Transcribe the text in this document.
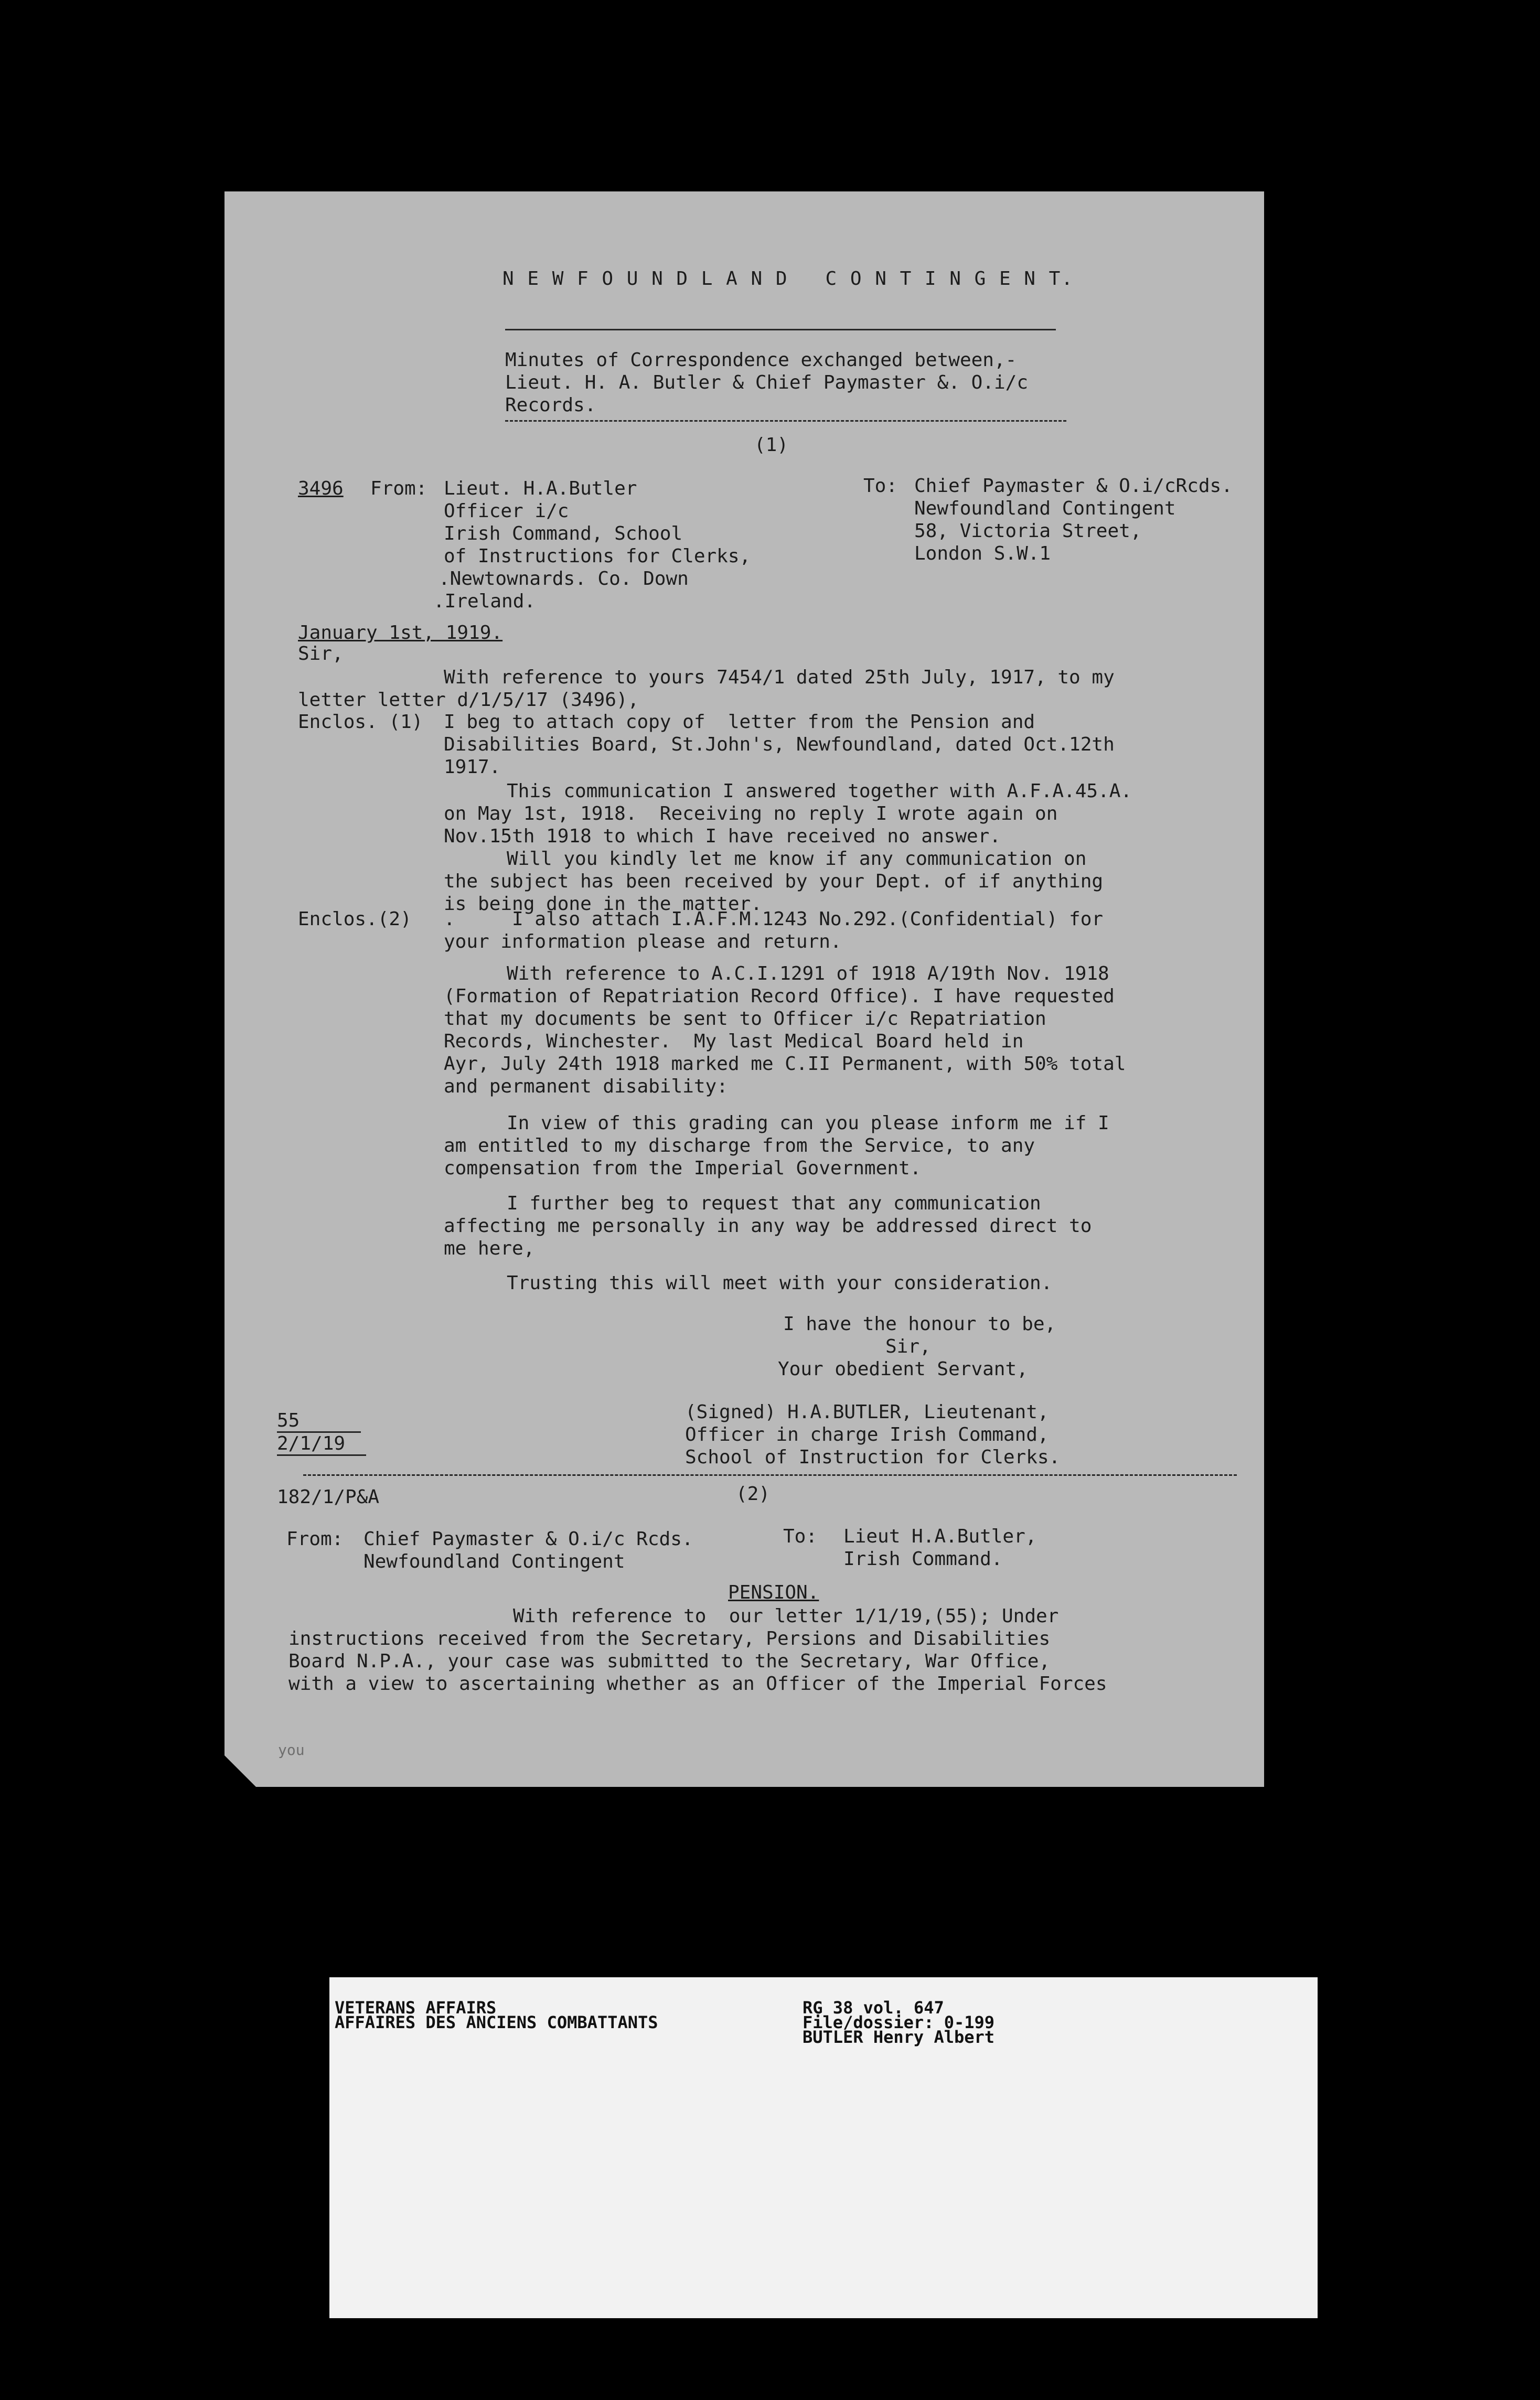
N E W F O U N D L A N D   C O N T I N G E N T.
Minutes of Correspondence exchanged between,-
Lieut. H. A. Butler & Chief Paymaster &. O.i/c
Records.
(1)
3496 From: Lieut. H.A.Butler
Officer i/c
Irish Command, School
of Instructions for Clerks,
.Newtownards. Co. Down
.Ireland.
To: Chief Paymaster & O.i/cRcds.
Newfoundland Contingent
58, Victoria Street,
London S.W.1
January 1st, 1919.
Sir,
With reference to yours 7454/1 dated 25th July, 1917, to my
letter letter d/1/5/17 (3496),
Enclos. (1) I beg to attach copy of  letter from the Pension and
Disabilities Board, St.John's, Newfoundland, dated Oct.12th
1917.
This communication I answered together with A.F.A.45.A.
on May 1st, 1918.  Receiving no reply I wrote again on
Nov.15th 1918 to which I have received no answer.
Will you kindly let me know if any communication on
the subject has been received by your Dept. of if anything
is being done in the matter.
Enclos.(2) .     I also attach I.A.F.M.1243 No.292.(Confidential) for
your information please and return.
With reference to A.C.I.1291 of 1918 A/19th Nov. 1918
(Formation of Repatriation Record Office). I have requested
that my documents be sent to Officer i/c Repatriation
Records, Winchester.  My last Medical Board held in
Ayr, July 24th 1918 marked me C.II Permanent, with 50% total
and permanent disability:
In view of this grading can you please inform me if I
am entitled to my discharge from the Service, to any
compensation from the Imperial Government.
I further beg to request that any communication
affecting me personally in any way be addressed direct to
me here,
Trusting this will meet with your consideration.
I have the honour to be,
Sir,
Your obedient Servant,
55
2/1/19
(Signed) H.A.BUTLER, Lieutenant,
Officer in charge Irish Command,
School of Instruction for Clerks.
182/1/P&A	(2)
From: Chief Paymaster & O.i/c Rcds.
Newfoundland Contingent
To: Lieut H.A.Butler,
Irish Command.
PENSION.
With reference to  our letter 1/1/19,(55); Under
instructions received from the Secretary, Persions and Disabilities
Board N.P.A., your case was submitted to the Secretary, War Office,
with a view to ascertaining whether as an Officer of the Imperial Forces
you
VETERANS AFFAIRS
AFFAIRES DES ANCIENS COMBATTANTS
RG 38 vol. 647
File/dossier: 0-199
BUTLER Henry Albert
